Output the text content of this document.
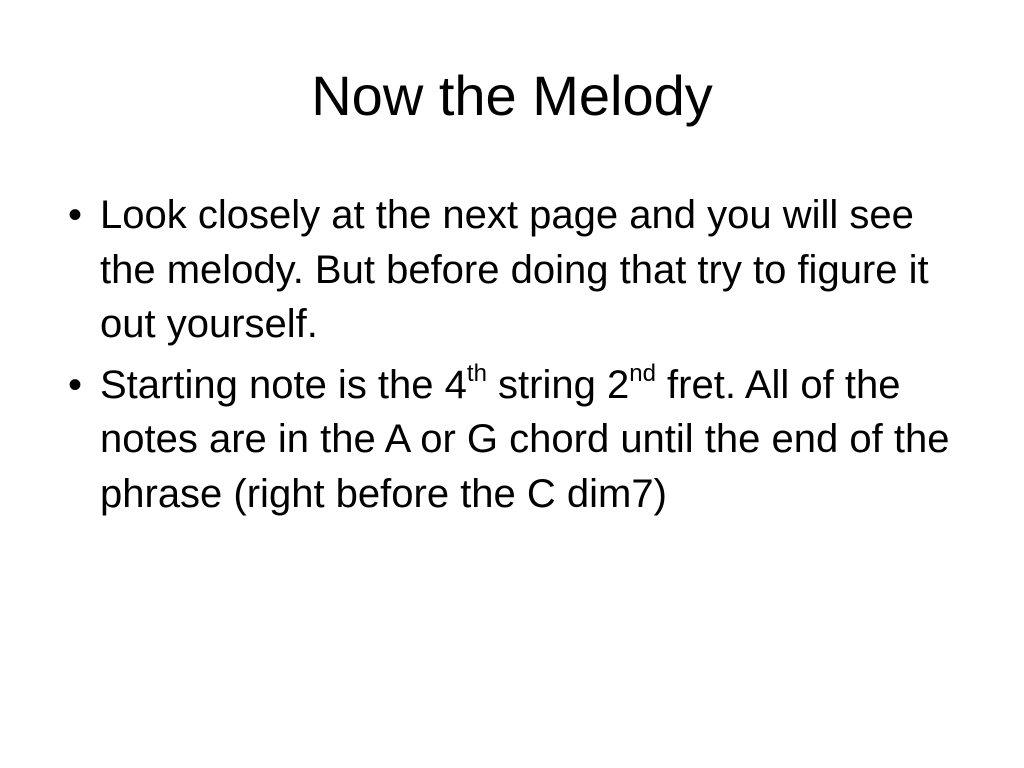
Now the Melody
• Look closely at the next page and you will see the melody. But before doing that try to figure it out yourself.
• Starting note is the 4th string 2nd fret. All of the notes are in the A or G chord until the end of the phrase (right before the C dim7)
